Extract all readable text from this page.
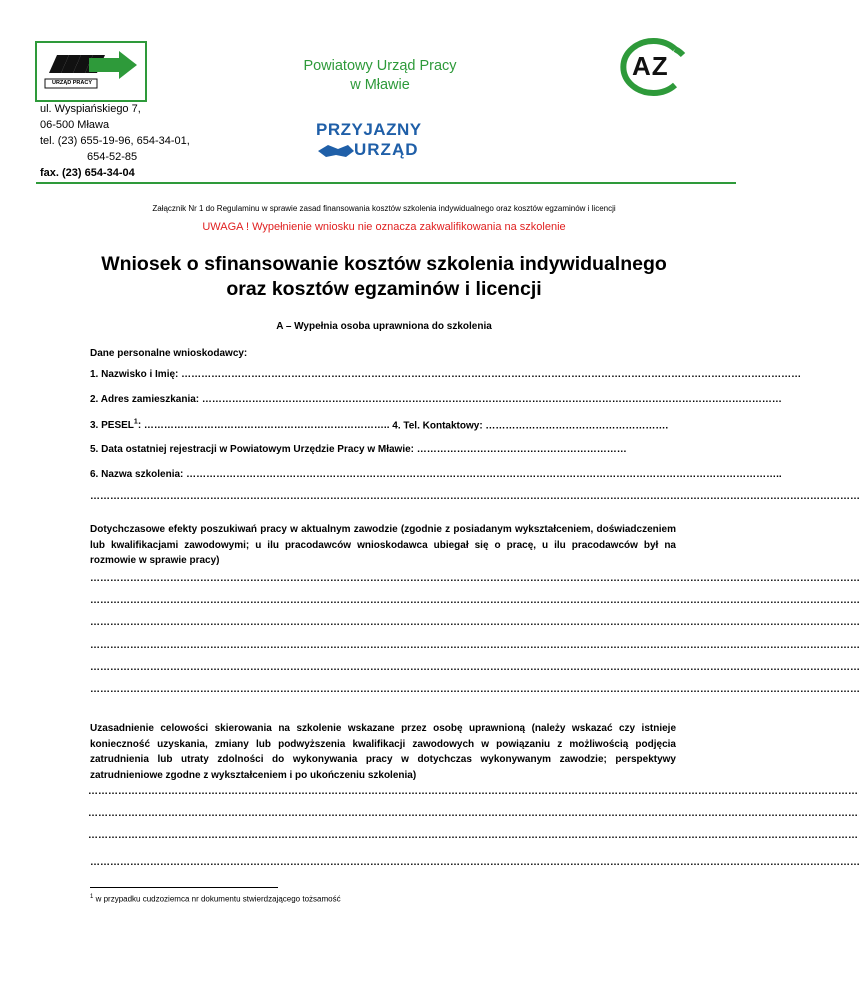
URZĄD PRACY
Powiatowy Urząd Pracy
w Mławie
AZ
ul. Wyspiańskiego 7,
06-500 Mława
tel. (23) 655-19-96, 654-34-01,
654-52-85
fax. (23) 654-34-04
PRZYJAZNY
URZĄD
Załącznik Nr 1 do Regulaminu w sprawie zasad finansowania kosztów szkolenia indywidualnego oraz kosztów egzaminów i licencji
UWAGA ! Wypełnienie wniosku nie oznacza zakwalifikowania na szkolenie
Wniosek o sfinansowanie kosztów szkolenia indywidualnego
oraz kosztów egzaminów i licencji
A – Wypełnia osoba uprawniona do szkolenia
Dane personalne wnioskodawcy:
1. Nazwisko i Imię: ……………………………………………………………………………………………………………………………………………………………………
2. Adres zamieszkania: …………………………………………………………………………………………………………………………………………………………
3. PESEL$^1$: ……………………………………………………………….. 4. Tel. Kontaktowy: ……………………………………………….
5. Data ostatniej rejestracji w Powiatowym Urzędzie Pracy w Mławie: ………………………………………………………
6. Nazwa szkolenia: ……………………………………………………………………………………………………………………………………………………………..
……………………………………………………………………………………………………………………………………………………………………………………………………………
Dotychczasowe efekty poszukiwań pracy w aktualnym zawodzie (zgodnie z posiadanym wykształceniem, doświadczeniem lub kwalifikacjami zawodowymi; u ilu pracodawców wnioskodawca ubiegał się o pracę, u ilu pracodawców był na rozmowie w sprawie pracy)
……………………………………………………………………………………………………………………………………………………………………………………………………………
……………………………………………………………………………………………………………………………………………………………………………………………………………
……………………………………………………………………………………………………………………………………………………………………………………………………………
……………………………………………………………………………………………………………………………………………………………………………………………………………
……………………………………………………………………………………………………………………………………………………………………………………………………………
……………………………………………………………………………………………………………………………………………………………………………………………………………
Uzasadnienie celowości skierowania na szkolenie wskazane przez osobę uprawnioną (należy wskazać czy istnieje konieczność uzyskania, zmiany lub podwyższenia kwalifikacji zawodowych w powiązaniu z możliwością podjęcia zatrudnienia lub utraty zdolności do wykonywania pracy w dotychczas wykonywanym zawodzie; perspektywy zatrudnieniowe zgodne z wykształceniem i po ukończeniu szkolenia)
……………………………………………………………………………………………………………………………………………………………………………………………………………
……………………………………………………………………………………………………………………………………………………………………………………………………………
……………………………………………………………………………………………………………………………………………………………………………………………………………
……………………………………………………………………………………………………………………………………………………………………………………………………………
$^1$ w przypadku cudzoziemca nr dokumentu stwierdzającego tożsamość
